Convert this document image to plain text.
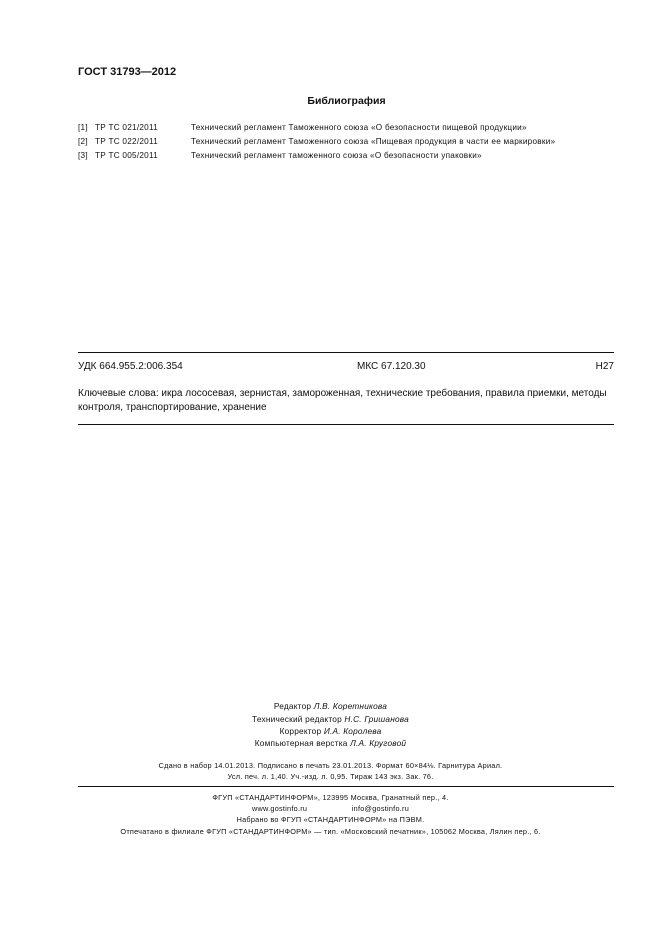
ГОСТ 31793—2012
Библиография
[1] ТР ТС 021/2011	Технический регламент Таможенного союза «О безопасности пищевой продукции»
[2] ТР ТС 022/2011	Технический регламент Таможенного союза «Пищевая продукция в части ее маркировки»
[3] ТР ТС 005/2011	Технический регламент таможенного союза «О безопасности упаковки»
УДК 664.955.2:006.354	МКС 67.120.30	Н27
Ключевые слова: икра лососевая, зернистая, замороженная, технические требования, правила приемки, методы контроля, транспортирование, хранение
Редактор Л.В. Коретникова
Технический редактор Н.С. Гришанова
Корректор И.А. Королева
Компьютерная верстка Л.А. Круговой
Сдано в набор 14.01.2013. Подписано в печать 23.01.2013. Формат 60×84⅛. Гарнитура Ариал.
Усл. печ. л. 1,40. Уч.-изд. л. 0,95. Тираж 143 экз. Зак. 76.
ФГУП «СТАНДАРТИНФОРМ», 123995 Москва, Гранатный пер., 4.
www.gostinfo.ru	info@gostinfo.ru
Набрано во ФГУП «СТАНДАРТИНФОРМ» на ПЭВМ.
Отпечатано в филиале ФГУП «СТАНДАРТИНФОРМ» — тип. «Московский печатник», 105062 Москва, Лялин пер., 6.
